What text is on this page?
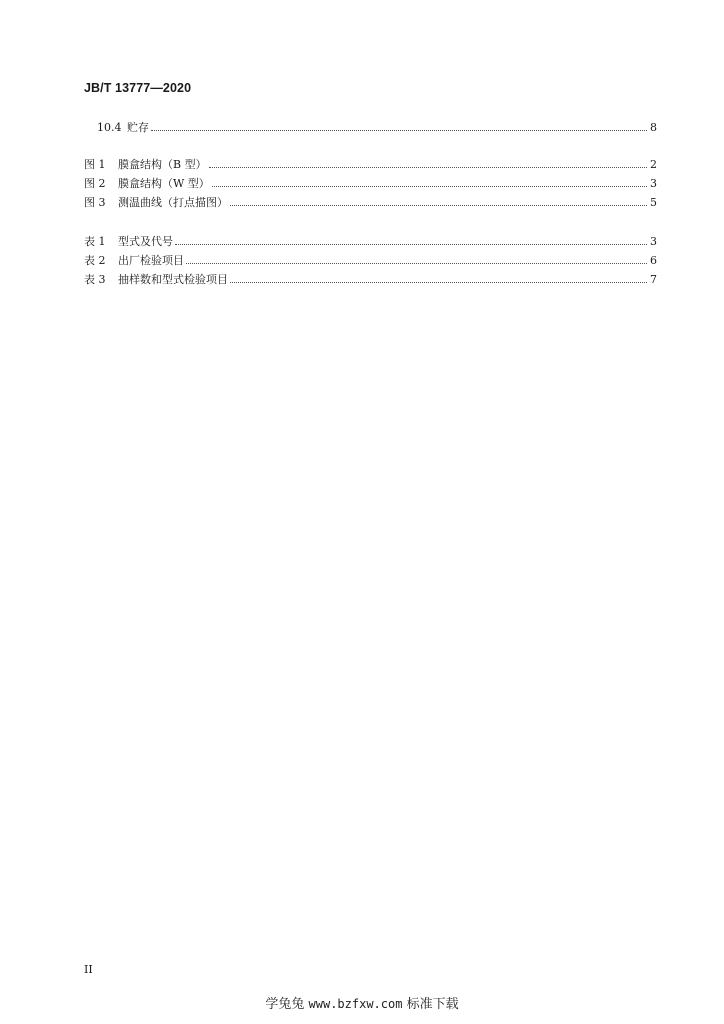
JB/T 13777—2020
10.4 贮存	8
图 1	膜盒结构（B 型）	2
图 2	膜盒结构（W 型）	3
图 3	测温曲线（打点描图）	5
表 1	型式及代号	3
表 2	出厂检验项目	6
表 3	抽样数和型式检验项目	7
II
学兔兔 www.bzfxw.com 标准下载
